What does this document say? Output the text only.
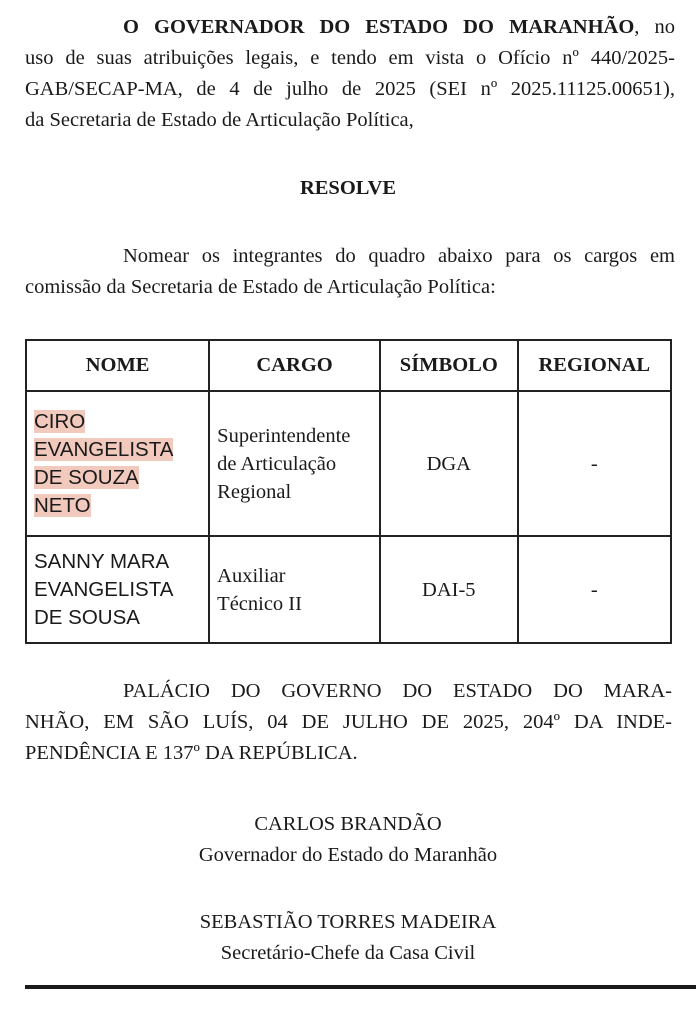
O GOVERNADOR DO ESTADO DO MARANHÃO, no
uso de suas atribuições legais, e tendo em vista o Ofício nº 440/2025-
GAB/SECAP-MA, de 4 de julho de 2025 (SEI nº 2025.11125.00651),
da Secretaria de Estado de Articulação Política,
RESOLVE
Nomear os integrantes do quadro abaixo para os cargos em
comissão da Secretaria de Estado de Articulação Política:
NOME	CARGO	SÍMBOLO	REGIONAL
CIRO
EVANGELISTA
DE SOUZA
NETO	Superintendente
de Articulação
Regional	DGA	-
SANNY MARA
EVANGELISTA
DE SOUSA	Auxiliar
Técnico II	DAI-5	-
PALÁCIO DO GOVERNO DO ESTADO DO MARA-
NHÃO, EM SÃO LUÍS, 04 DE JULHO DE 2025, 204º DA INDE-
PENDÊNCIA E 137º DA REPÚBLICA.
CARLOS BRANDÃO
Governador do Estado do Maranhão
SEBASTIÃO TORRES MADEIRA
Secretário-Chefe da Casa Civil
